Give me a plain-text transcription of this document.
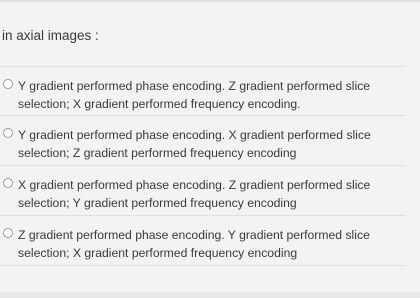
in axial images :
Y gradient performed phase encoding. Z gradient performed slice selection; X gradient performed frequency encoding.
Y gradient performed phase encoding. X gradient performed slice selection; Z gradient performed frequency encoding
X gradient performed phase encoding. Z gradient performed slice selection; Y gradient performed frequency encoding
Z gradient performed phase encoding. Y gradient performed slice selection; X gradient performed frequency encoding
